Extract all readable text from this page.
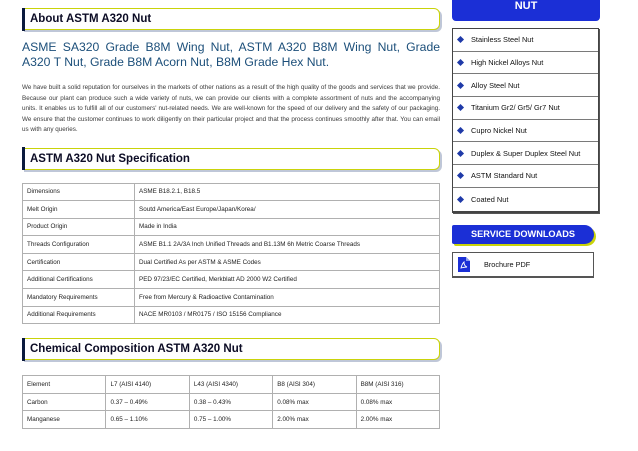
About ASTM A320 Nut
ASME SA320 Grade B8M Wing Nut, ASTM A320 B8M Wing Nut, Grade A320 T Nut, Grade B8M Acorn Nut, B8M Grade Hex Nut.

We have built a solid reputation for ourselves in the markets of other nations as a result of the high quality of the goods and services that we provide. Because our plant can produce such a wide variety of nuts, we can provide our clients with a complete assortment of nuts and the accompanying units. It enables us to fulfill all of our customers' nut-related needs. We are well-known for the speed of our delivery and the safety of our packaging. We ensure that the customer continues to work diligently on their particular project and that the process continues smoothly after that. You can email us with any queries.

ASTM A320 Nut Specification
Dimensions	ASME B18.2.1, B18.5
Melt Origin	Soutd America/East Europe/Japan/Korea/
Product Origin	Made in India
Threads Configuration	ASME B1.1 2A/3A Inch Unified Threads and B1.13M 6h Metric Coarse Threads
Certification	Dual Certified As per ASTM & ASME Codes
Additional Certifications	PED 97/23/EC Certified, Merkblatt AD 2000 W2 Certified
Mandatory Requirements	Free from Mercury & Radioactive Contamination
Additional Requirements	NACE MR0103 / MR0175 / ISO 15156 Compliance
Chemical Composition ASTM A320 Nut
Element	L7 (AISI 4140)	L43 (AISI 4340)	B8 (AISI 304)	B8M (AISI 316)
Carbon	0.37 – 0.49%	0.38 – 0.43%	0.08% max	0.08% max
Manganese	0.65 – 1.10%	0.75 – 1.00%	2.00% max	2.00% max
NUT
Stainless Steel Nut
High Nickel Alloys Nut
Alloy Steel Nut
Titanium Gr2/ Gr5/ Gr7 Nut
Cupro Nickel Nut
Duplex & Super Duplex Steel Nut
ASTM Standard Nut
Coated Nut
SERVICE DOWNLOADS
Brochure PDF
